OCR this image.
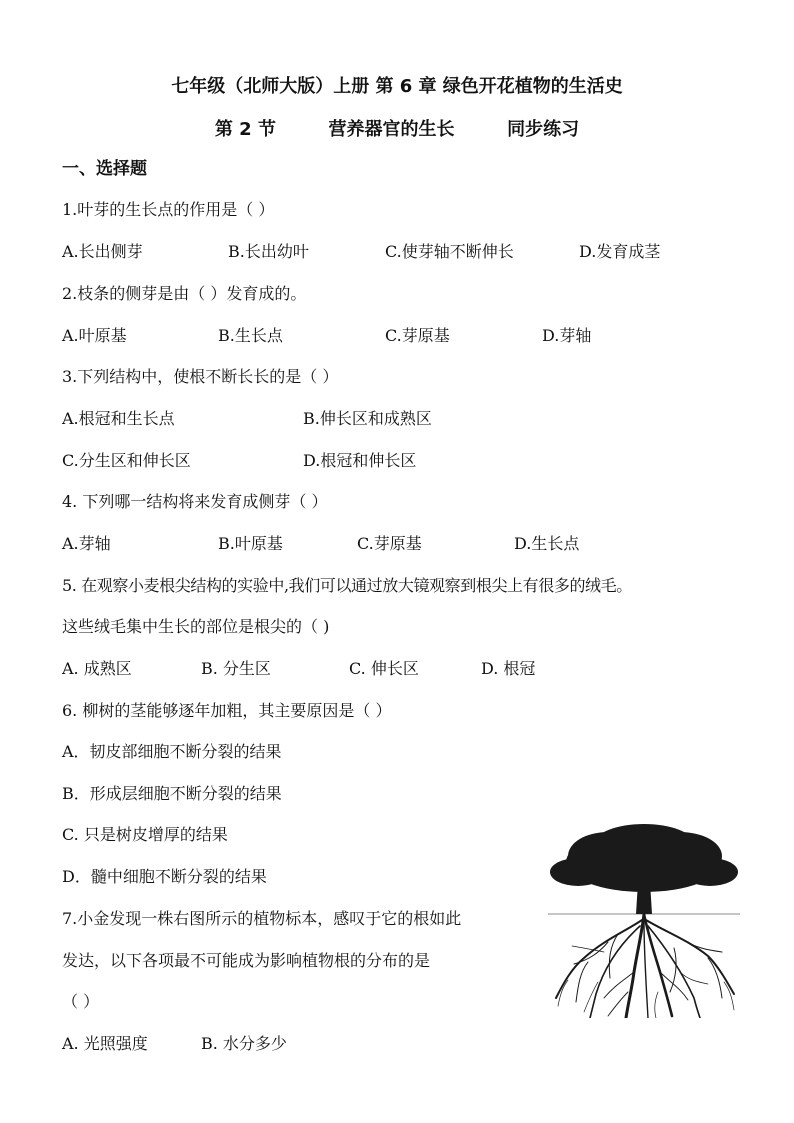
七年级（北师大版）上册 第 6 章 绿色开花植物的生活史
第 2 节	营养器官的生长	同步练习
一、选择题
1.叶芽的生长点的作用是（ ）
A.长出侧芽	B.长出幼叶	C.使芽轴不断伸长	D.发育成茎
2.枝条的侧芽是由（ ）发育成的。
A.叶原基	B.生长点	C.芽原基	D.芽轴
3.下列结构中，使根不断长长的是（ ）
A.根冠和生长点	B.伸长区和成熟区
C.分生区和伸长区	D.根冠和伸长区
4. 下列哪一结构将来发育成侧芽（ ）
A.芽轴	B.叶原基	C.芽原基	D.生长点
5. 在观察小麦根尖结构的实验中,我们可以通过放大镜观察到根尖上有很多的绒毛。
这些绒毛集中生长的部位是根尖的（ )
A. 成熟区	B. 分生区	C. 伸长区	D. 根冠
6. 柳树的茎能够逐年加粗，其主要原因是（ ）
A．韧皮部细胞不断分裂的结果
B．形成层细胞不断分裂的结果
C. 只是树皮增厚的结果
D．髓中细胞不断分裂的结果
7.小金发现一株右图所示的植物标本，感叹于它的根如此
发达，以下各项最不可能成为影响植物根的分布的是
（ ）
A. 光照强度	B. 水分多少
